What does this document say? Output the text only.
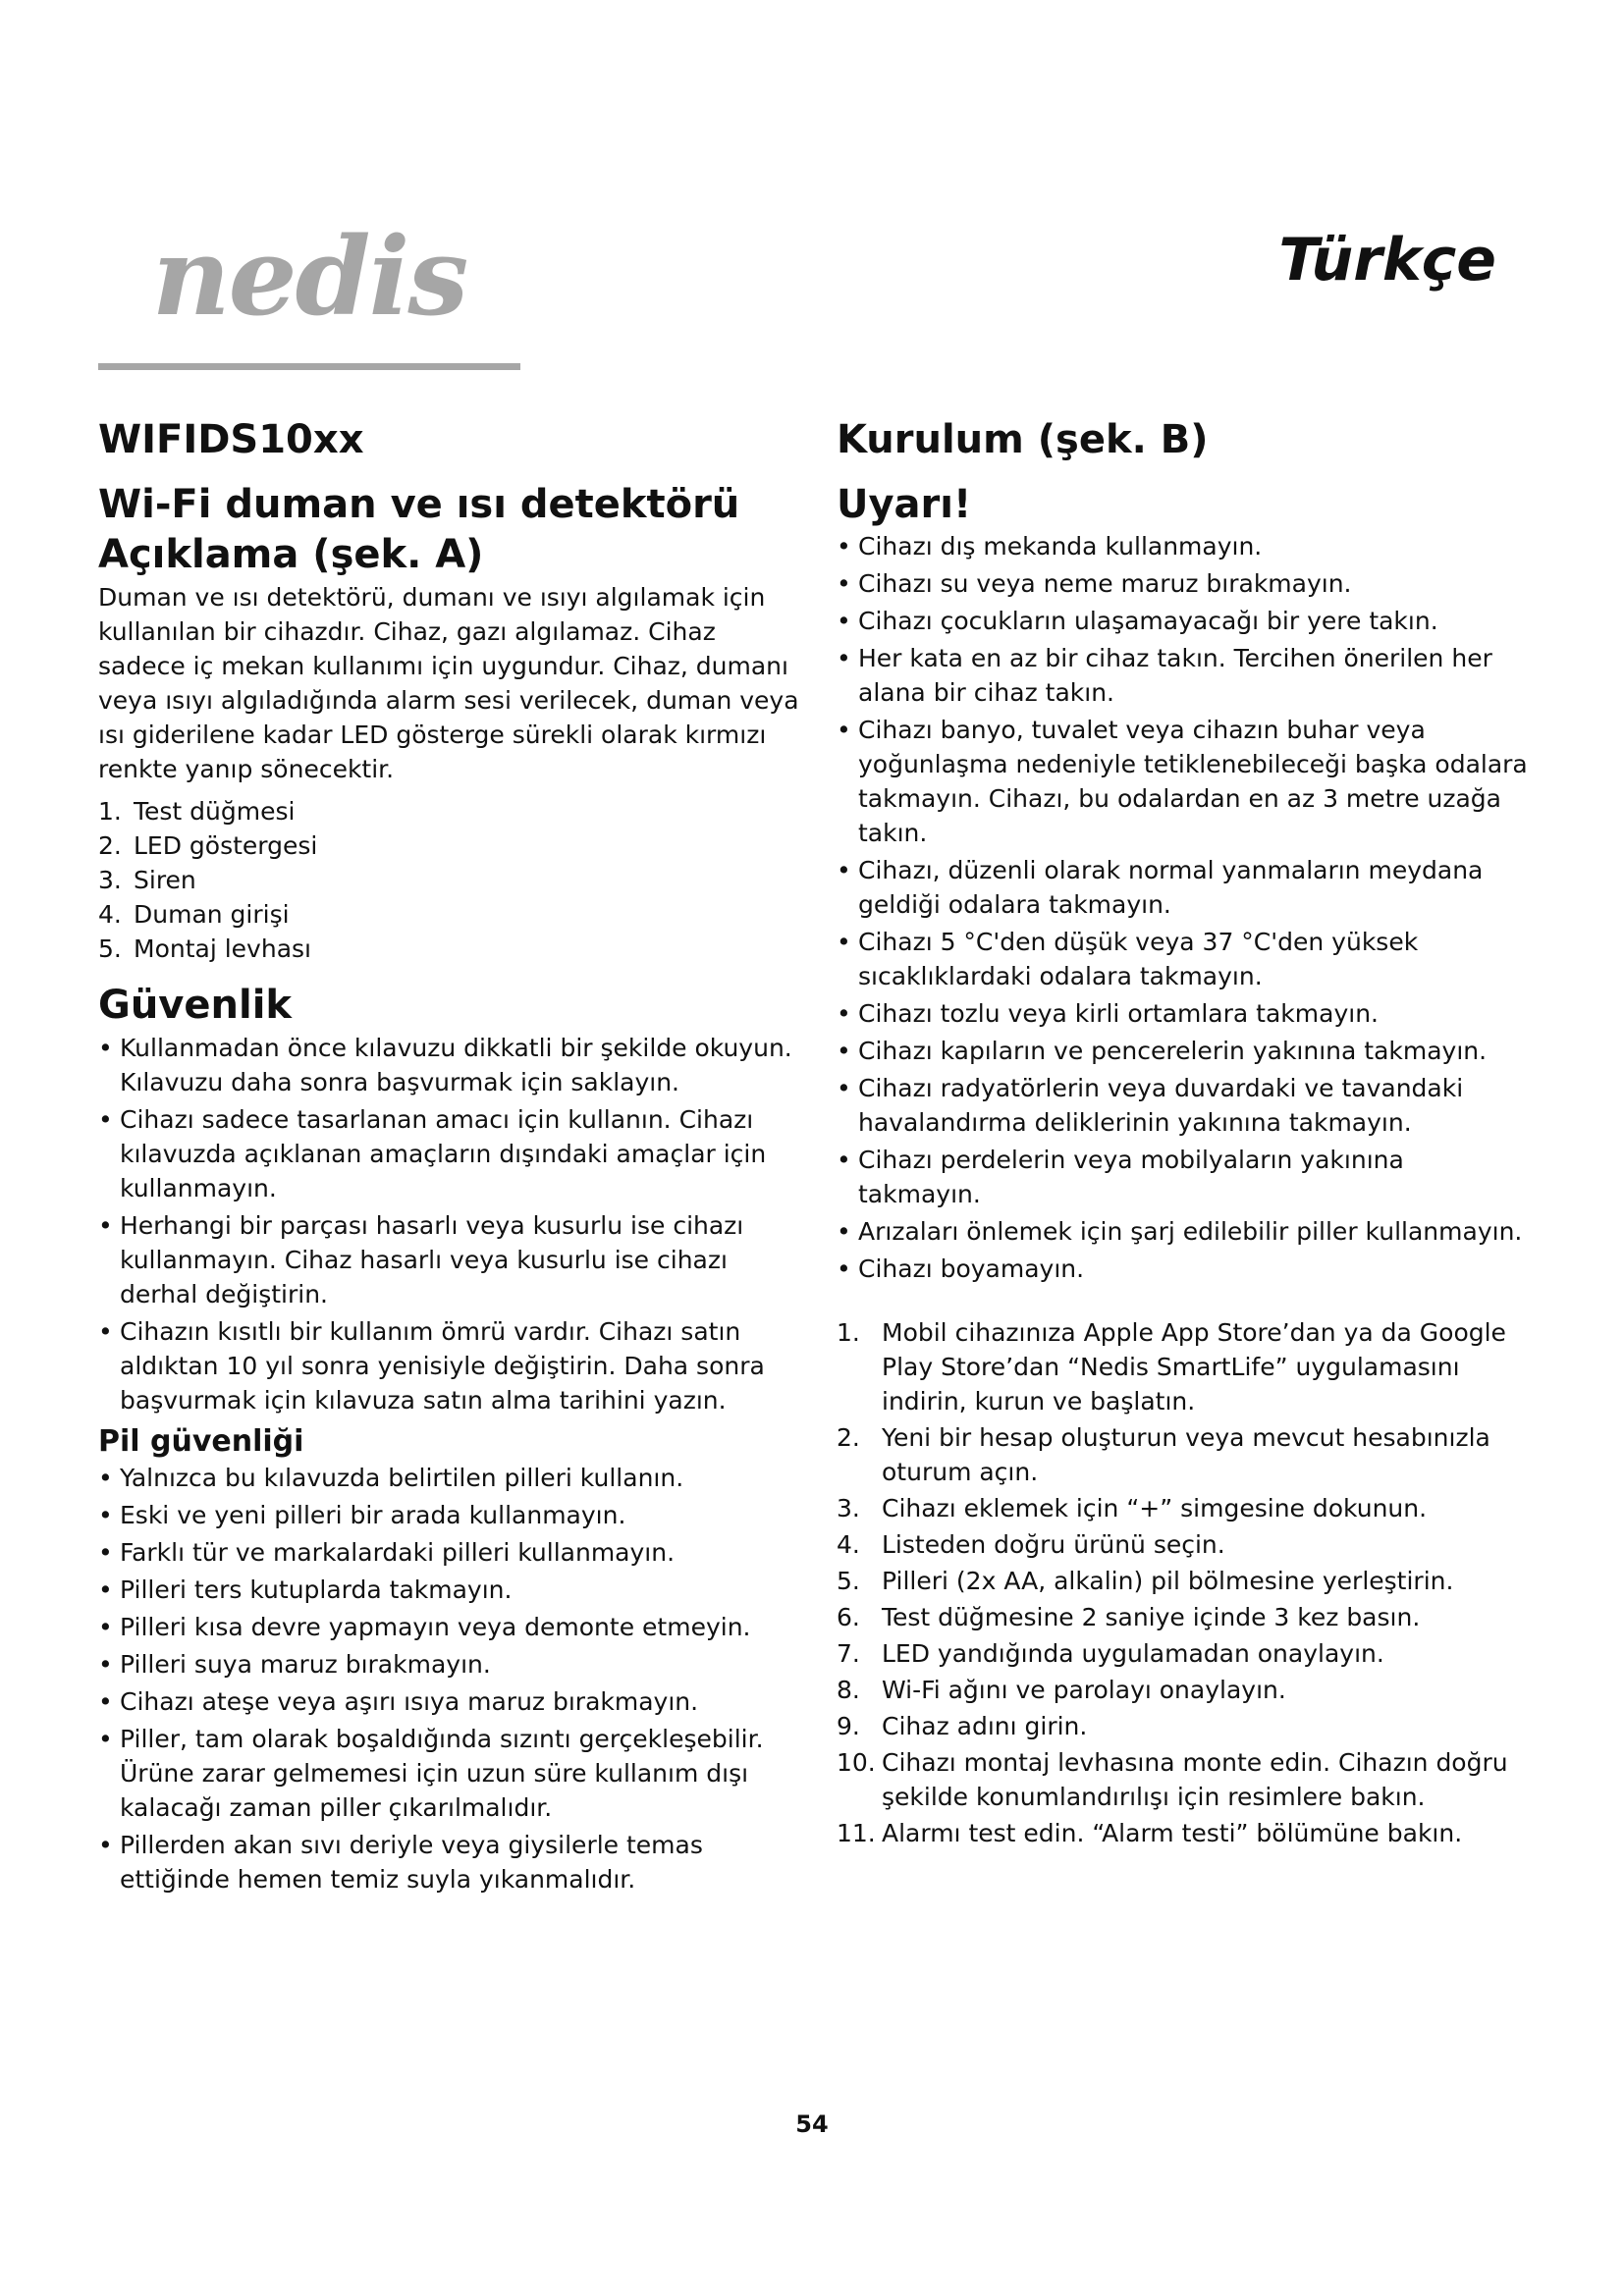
nedis	Türkçe
WIFIDS10xx
Wi-Fi duman ve ısı detektörü
Açıklama (şek. A)

Duman ve ısı detektörü, dumanı ve ısıyı algılamak için kullanılan bir cihazdır. Cihaz, gazı algılamaz. Cihaz sadece iç mekan kullanımı için uygundur. Cihaz, dumanı veya ısıyı algıladığında alarm sesi verilecek, duman veya ısı giderilene kadar LED gösterge sürekli olarak kırmızı renkte yanıp sönecektir.

1. Test düğmesi
2. LED göstergesi
3. Siren
4. Duman girişi
5. Montaj levhası
Güvenlik
• Kullanmadan önce kılavuzu dikkatli bir şekilde okuyun. Kılavuzu daha sonra başvurmak için saklayın.
• Cihazı sadece tasarlanan amacı için kullanın. Cihazı kılavuzda açıklanan amaçların dışındaki amaçlar için kullanmayın.
• Herhangi bir parçası hasarlı veya kusurlu ise cihazı kullanmayın. Cihaz hasarlı veya kusurlu ise cihazı derhal değiştirin.
• Cihazın kısıtlı bir kullanım ömrü vardır. Cihazı satın aldıktan 10 yıl sonra yenisiyle değiştirin. Daha sonra başvurmak için kılavuza satın alma tarihini yazın.
Pil güvenliği
• Yalnızca bu kılavuzda belirtilen pilleri kullanın.
• Eski ve yeni pilleri bir arada kullanmayın.
• Farklı tür ve markalardaki pilleri kullanmayın.
• Pilleri ters kutuplarda takmayın.
• Pilleri kısa devre yapmayın veya demonte etmeyin.
• Pilleri suya maruz bırakmayın.
• Cihazı ateşe veya aşırı ısıya maruz bırakmayın.
• Piller, tam olarak boşaldığında sızıntı gerçekleşebilir. Ürüne zarar gelmemesi için uzun süre kullanım dışı kalacağı zaman piller çıkarılmalıdır.
• Pillerden akan sıvı deriyle veya giysilerle temas ettiğinde hemen temiz suyla yıkanmalıdır.
Kurulum (şek. B)
Uyarı!
• Cihazı dış mekanda kullanmayın.
• Cihazı su veya neme maruz bırakmayın.
• Cihazı çocukların ulaşamayacağı bir yere takın.
• Her kata en az bir cihaz takın. Tercihen önerilen her alana bir cihaz takın.
• Cihazı banyo, tuvalet veya cihazın buhar veya yoğunlaşma nedeniyle tetiklenebileceği başka odalara takmayın. Cihazı, bu odalardan en az 3 metre uzağa takın.
• Cihazı, düzenli olarak normal yanmaların meydana geldiği odalara takmayın.
• Cihazı 5 °C'den düşük veya 37 °C'den yüksek sıcaklıklardaki odalara takmayın.
• Cihazı tozlu veya kirli ortamlara takmayın.
• Cihazı kapıların ve pencerelerin yakınına takmayın.
• Cihazı radyatörlerin veya duvardaki ve tavandaki havalandırma deliklerinin yakınına takmayın.
• Cihazı perdelerin veya mobilyaların yakınına takmayın.
• Arızaları önlemek için şarj edilebilir piller kullanmayın.
• Cihazı boyamayın.
1. Mobil cihazınıza Apple App Store’dan ya da Google Play Store’dan “Nedis SmartLife” uygulamasını indirin, kurun ve başlatın.
2. Yeni bir hesap oluşturun veya mevcut hesabınızla oturum açın.
3. Cihazı eklemek için “+” simgesine dokunun.
4. Listeden doğru ürünü seçin.
5. Pilleri (2x AA, alkalin) pil bölmesine yerleştirin.
6. Test düğmesine 2 saniye içinde 3 kez basın.
7. LED yandığında uygulamadan onaylayın.
8. Wi-Fi ağını ve parolayı onaylayın.
9. Cihaz adını girin.
10. Cihazı montaj levhasına monte edin. Cihazın doğru şekilde konumlandırılışı için resimlere bakın.
11. Alarmı test edin. “Alarm testi” bölümüne bakın.
54
